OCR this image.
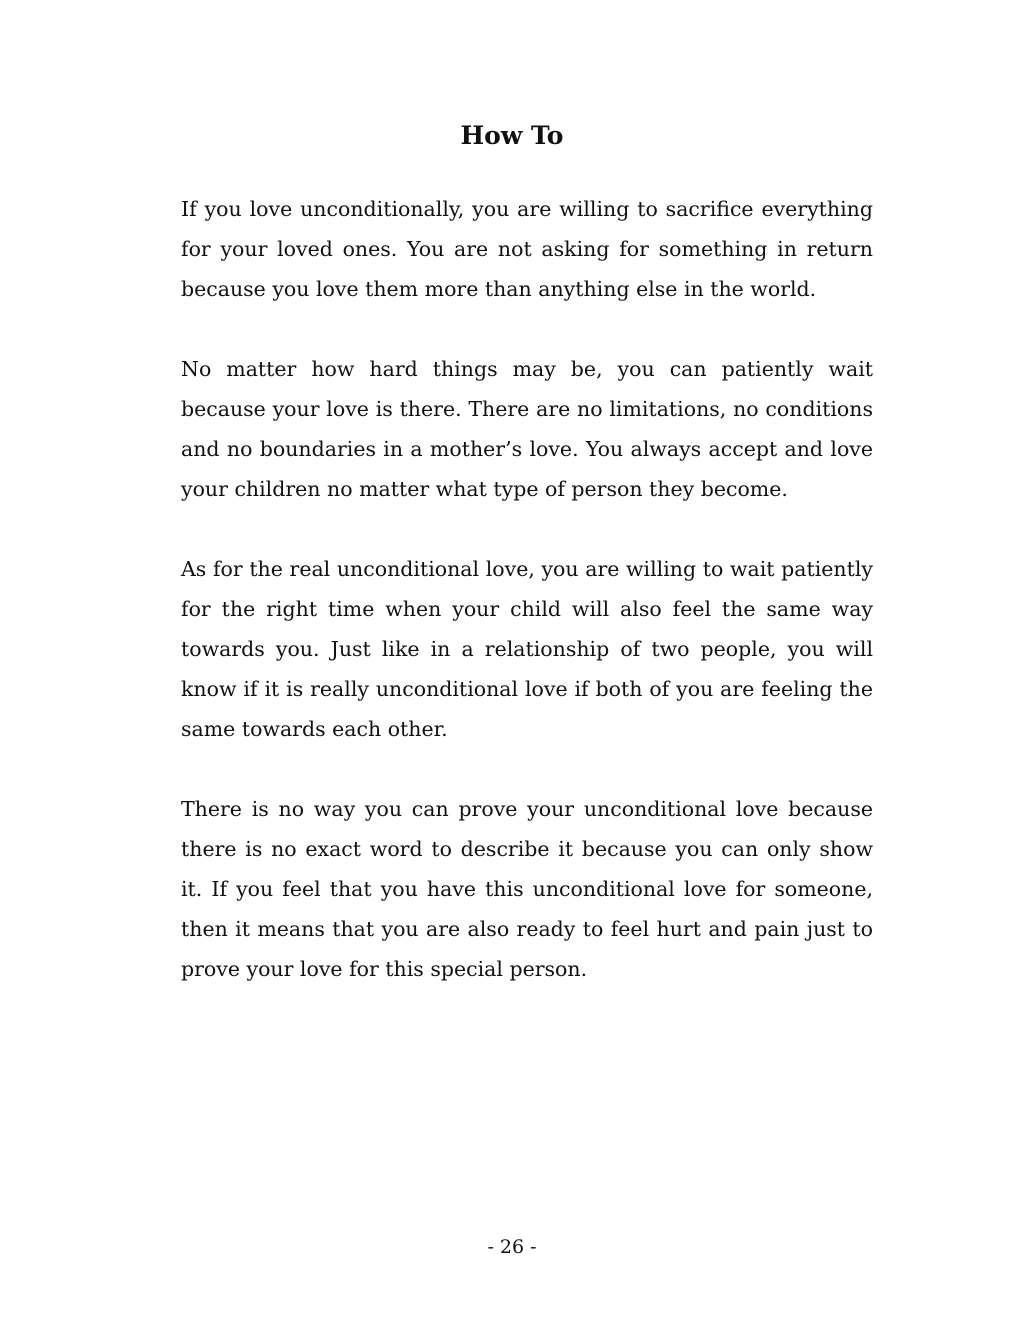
How To

If you love unconditionally, you are willing to sacrifice everything for your loved ones. You are not asking for something in return because you love them more than anything else in the world.

No matter how hard things may be, you can patiently wait because your love is there. There are no limitations, no conditions and no boundaries in a mother’s love. You always accept and love your children no matter what type of person they become.

As for the real unconditional love, you are willing to wait patiently for the right time when your child will also feel the same way towards you. Just like in a relationship of two people, you will know if it is really unconditional love if both of you are feeling the same towards each other.

There is no way you can prove your unconditional love because there is no exact word to describe it because you can only show it. If you feel that you have this unconditional love for someone, then it means that you are also ready to feel hurt and pain just to prove your love for this special person.

- 26 -
